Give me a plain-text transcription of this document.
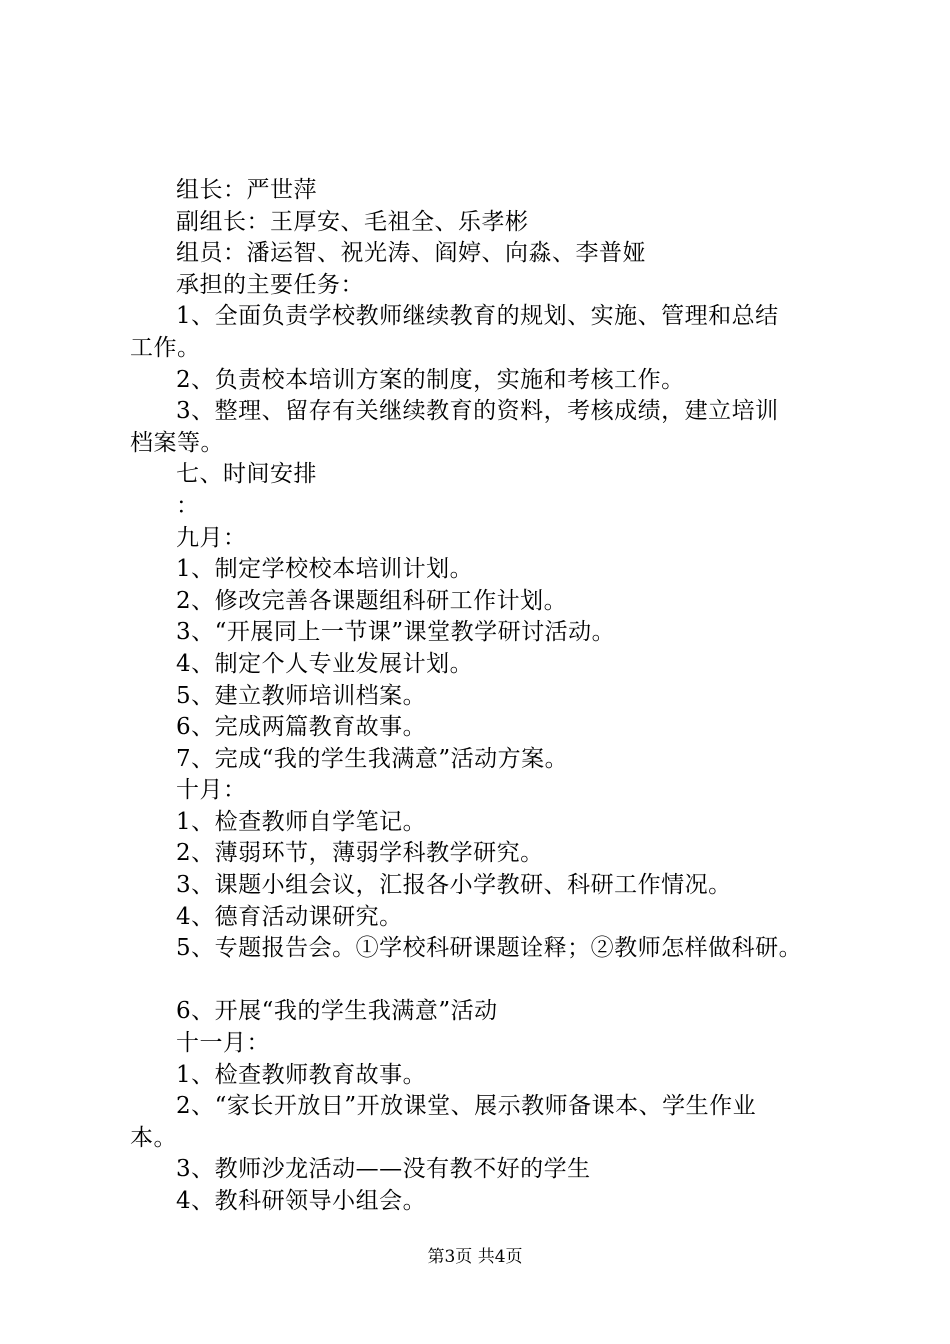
组长：严世萍
副组长：王厚安、毛祖全、乐孝彬
组员：潘运智、祝光涛、阎婷、向淼、李普娅
承担的主要任务：
1、全面负责学校教师继续教育的规划、实施、管理和总结
工作。
2、负责校本培训方案的制度，实施和考核工作。
3、整理、留存有关继续教育的资料，考核成绩，建立培训
档案等。
七、时间安排
：
九月：
1、制定学校校本培训计划。
2、修改完善各课题组科研工作计划。
3、“开展同上一节课”课堂教学研讨活动。
4、制定个人专业发展计划。
5、建立教师培训档案。
6、完成两篇教育故事。
7、完成“我的学生我满意”活动方案。
十月：
1、检查教师自学笔记。
2、薄弱环节，薄弱学科教学研究。
3、课题小组会议，汇报各小学教研、科研工作情况。
4、德育活动课研究。
5、专题报告会。①学校科研课题诠释；②教师怎样做科研。
6、开展“我的学生我满意”活动
十一月：
1、检查教师教育故事。
2、“家长开放日”开放课堂、展示教师备课本、学生作业
本。
3、教师沙龙活动——没有教不好的学生
4、教科研领导小组会。
第3页 共4页
